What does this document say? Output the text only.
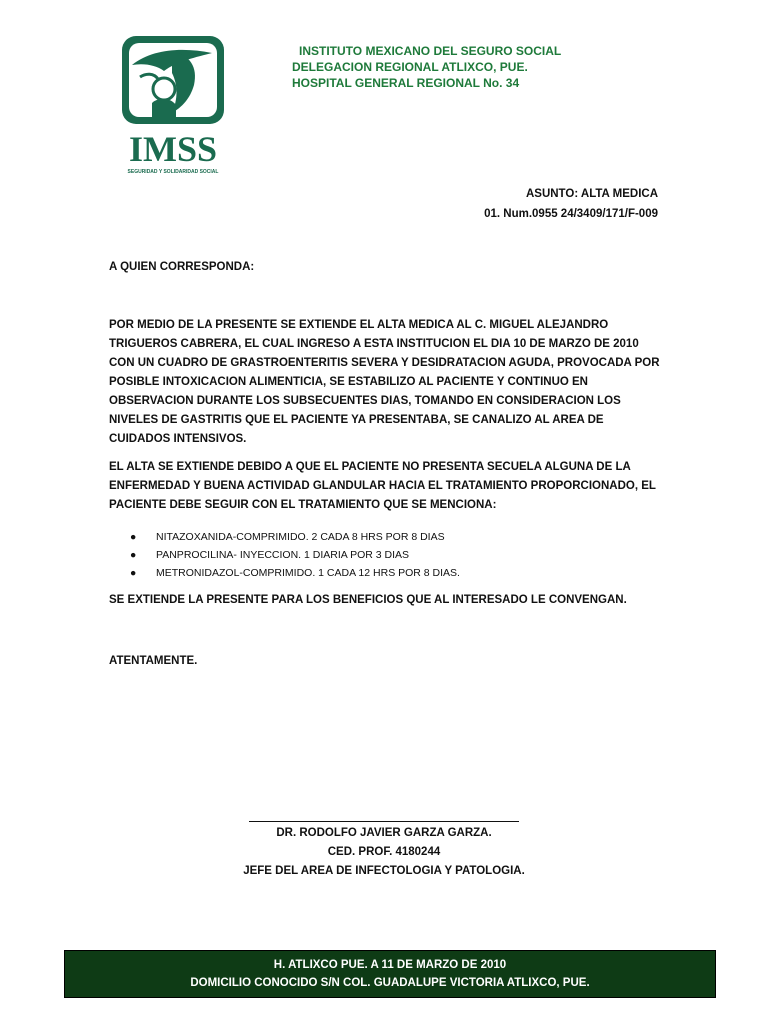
IMSS
SEGURIDAD Y SOLIDARIDAD SOCIAL
INSTITUTO MEXICANO DEL SEGURO SOCIAL
DELEGACION REGIONAL ATLIXCO, PUE.
HOSPITAL GENERAL REGIONAL No. 34
ASUNTO: ALTA MEDICA
01. Num.0955 24/3409/171/F-009
A QUIEN CORRESPONDA:
POR MEDIO DE LA PRESENTE SE EXTIENDE EL ALTA MEDICA AL C. MIGUEL ALEJANDRO TRIGUEROS CABRERA, EL CUAL INGRESO A ESTA INSTITUCION EL DIA 10 DE MARZO DE 2010 CON UN CUADRO DE GRASTROENTERITIS SEVERA Y DESIDRATACION AGUDA, PROVOCADA POR POSIBLE INTOXICACION ALIMENTICIA, SE ESTABILIZO AL PACIENTE Y CONTINUO EN OBSERVACION DURANTE LOS SUBSECUENTES DIAS, TOMANDO EN CONSIDERACION LOS NIVELES DE GASTRITIS QUE EL PACIENTE YA PRESENTABA, SE CANALIZO AL AREA DE CUIDADOS INTENSIVOS.
EL ALTA SE EXTIENDE DEBIDO A QUE EL PACIENTE NO PRESENTA SECUELA ALGUNA DE LA ENFERMEDAD Y BUENA ACTIVIDAD GLANDULAR HACIA EL TRATAMIENTO PROPORCIONADO, EL PACIENTE DEBE SEGUIR CON EL TRATAMIENTO QUE SE MENCIONA:
● NITAZOXANIDA-COMPRIMIDO. 2 CADA 8 HRS POR 8 DIAS
● PANPROCILINA- INYECCION. 1 DIARIA POR 3 DIAS
● METRONIDAZOL-COMPRIMIDO. 1 CADA 12 HRS POR 8 DIAS.
SE EXTIENDE LA PRESENTE PARA LOS BENEFICIOS QUE AL INTERESADO LE CONVENGAN.
ATENTAMENTE.
DR. RODOLFO JAVIER GARZA GARZA.
CED. PROF. 4180244
JEFE DEL AREA DE INFECTOLOGIA Y PATOLOGIA.
H. ATLIXCO PUE. A 11 DE MARZO DE 2010
DOMICILIO CONOCIDO S/N COL. GUADALUPE VICTORIA ATLIXCO, PUE.
